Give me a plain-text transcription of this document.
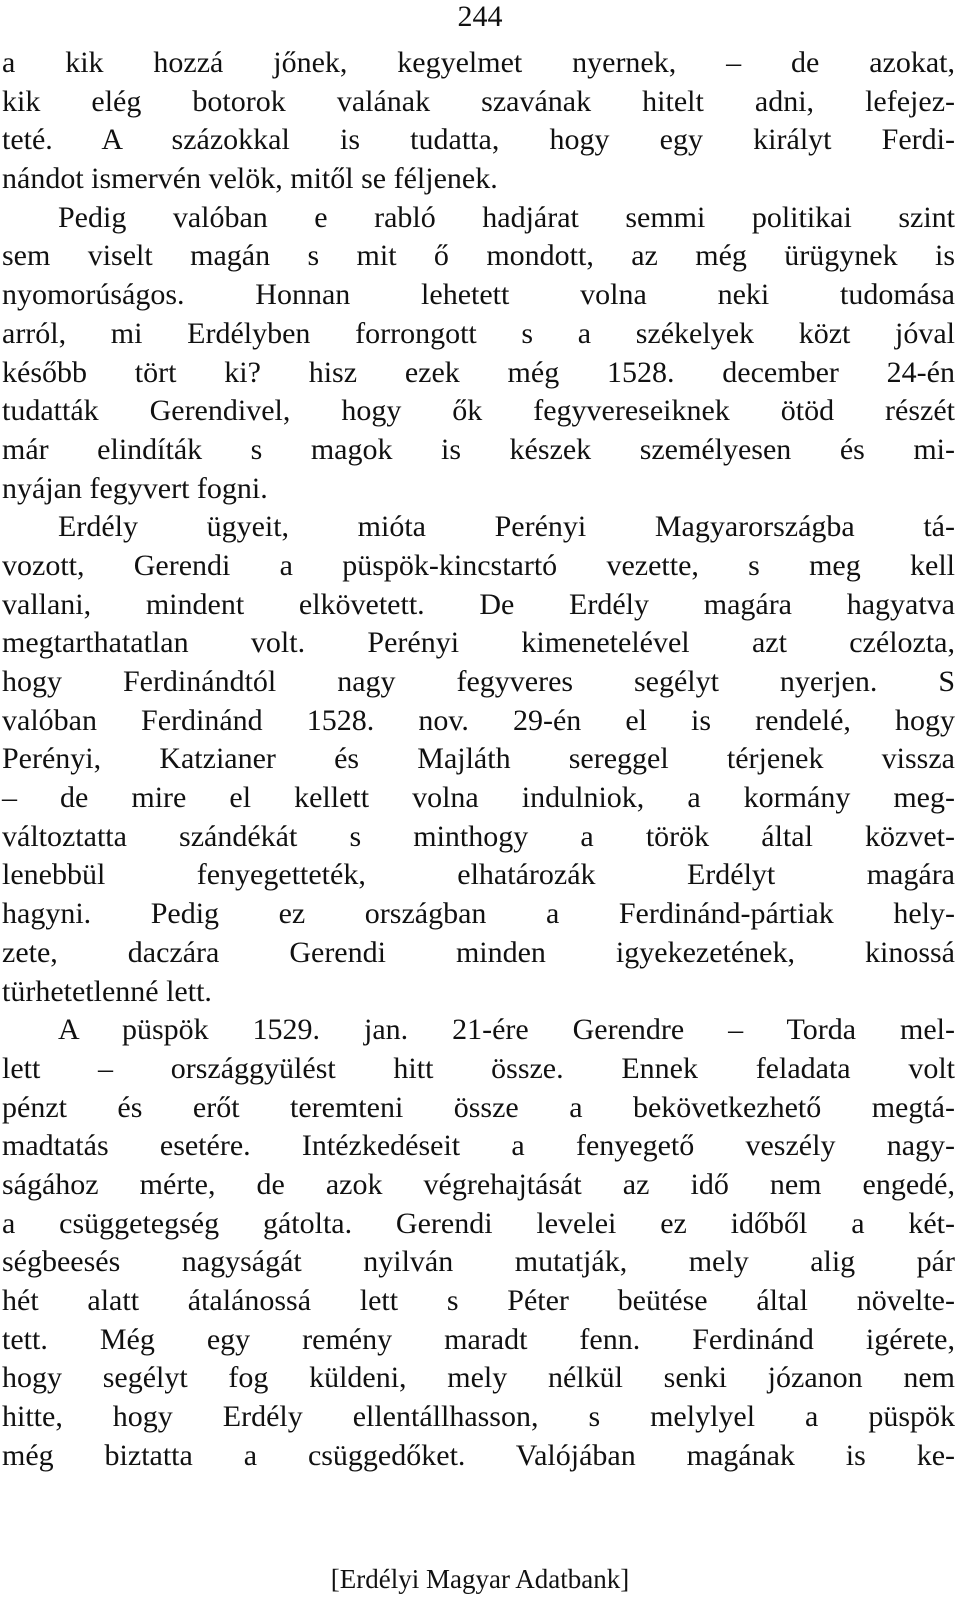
244
a kik hozzá jőnek, kegyelmet nyernek, – de azokat,
kik elég botorok valának szavának hitelt adni, lefejez-
teté. A százokkal is tudatta, hogy egy királyt Ferdi-
nándot ismervén velök, mitől se féljenek.
Pedig valóban e rabló hadjárat semmi politikai szint
sem viselt magán s mit ő mondott, az még ürügynek is
nyomorúságos. Honnan lehetett volna neki tudomása
arról, mi Erdélyben forrongott s a székelyek közt jóval
később tört ki? hisz ezek még 1528. december 24-én
tudatták Gerendivel, hogy ők fegyvereseiknek ötöd részét
már elindíták s magok is készek személyesen és mi-
nyájan fegyvert fogni.
Erdély ügyeit, mióta Perényi Magyarországba tá-
vozott, Gerendi a püspök-kincstartó vezette, s meg kell
vallani, mindent elkövetett. De Erdély magára hagyatva
megtarthatatlan volt. Perényi kimenetelével azt czélozta,
hogy Ferdinándtól nagy fegyveres segélyt nyerjen. S
valóban Ferdinánd 1528. nov. 29-én el is rendelé, hogy
Perényi, Katzianer és Majláth sereggel térjenek vissza
– de mire el kellett volna indulniok, a kormány meg-
változtatta szándékát s minthogy a török által közvet-
lenebbül fenyegetteték, elhatározák Erdélyt magára
hagyni. Pedig ez országban a Ferdinánd-pártiak hely-
zete, daczára Gerendi minden igyekezetének, kinossá
türhetetlenné lett.
A püspök 1529. jan. 21-ére Gerendre – Torda mel-
lett – országgyülést hitt össze. Ennek feladata volt
pénzt és erőt teremteni össze a bekövetkezhető megtá-
madtatás esetére. Intézkedéseit a fenyegető veszély nagy-
ságához mérte, de azok végrehajtását az idő nem engedé,
a csüggetegség gátolta. Gerendi levelei ez időből a két-
ségbeesés nagyságát nyilván mutatják, mely alig pár
hét alatt átalánossá lett s Péter beütése által növelte-
tett. Még egy remény maradt fenn. Ferdinánd igérete,
hogy segélyt fog küldeni, mely nélkül senki józanon nem
hitte, hogy Erdély ellentállhasson, s melylyel a püspök
még biztatta a csüggedőket. Valójában magának is ke-
[Erdélyi Magyar Adatbank]
